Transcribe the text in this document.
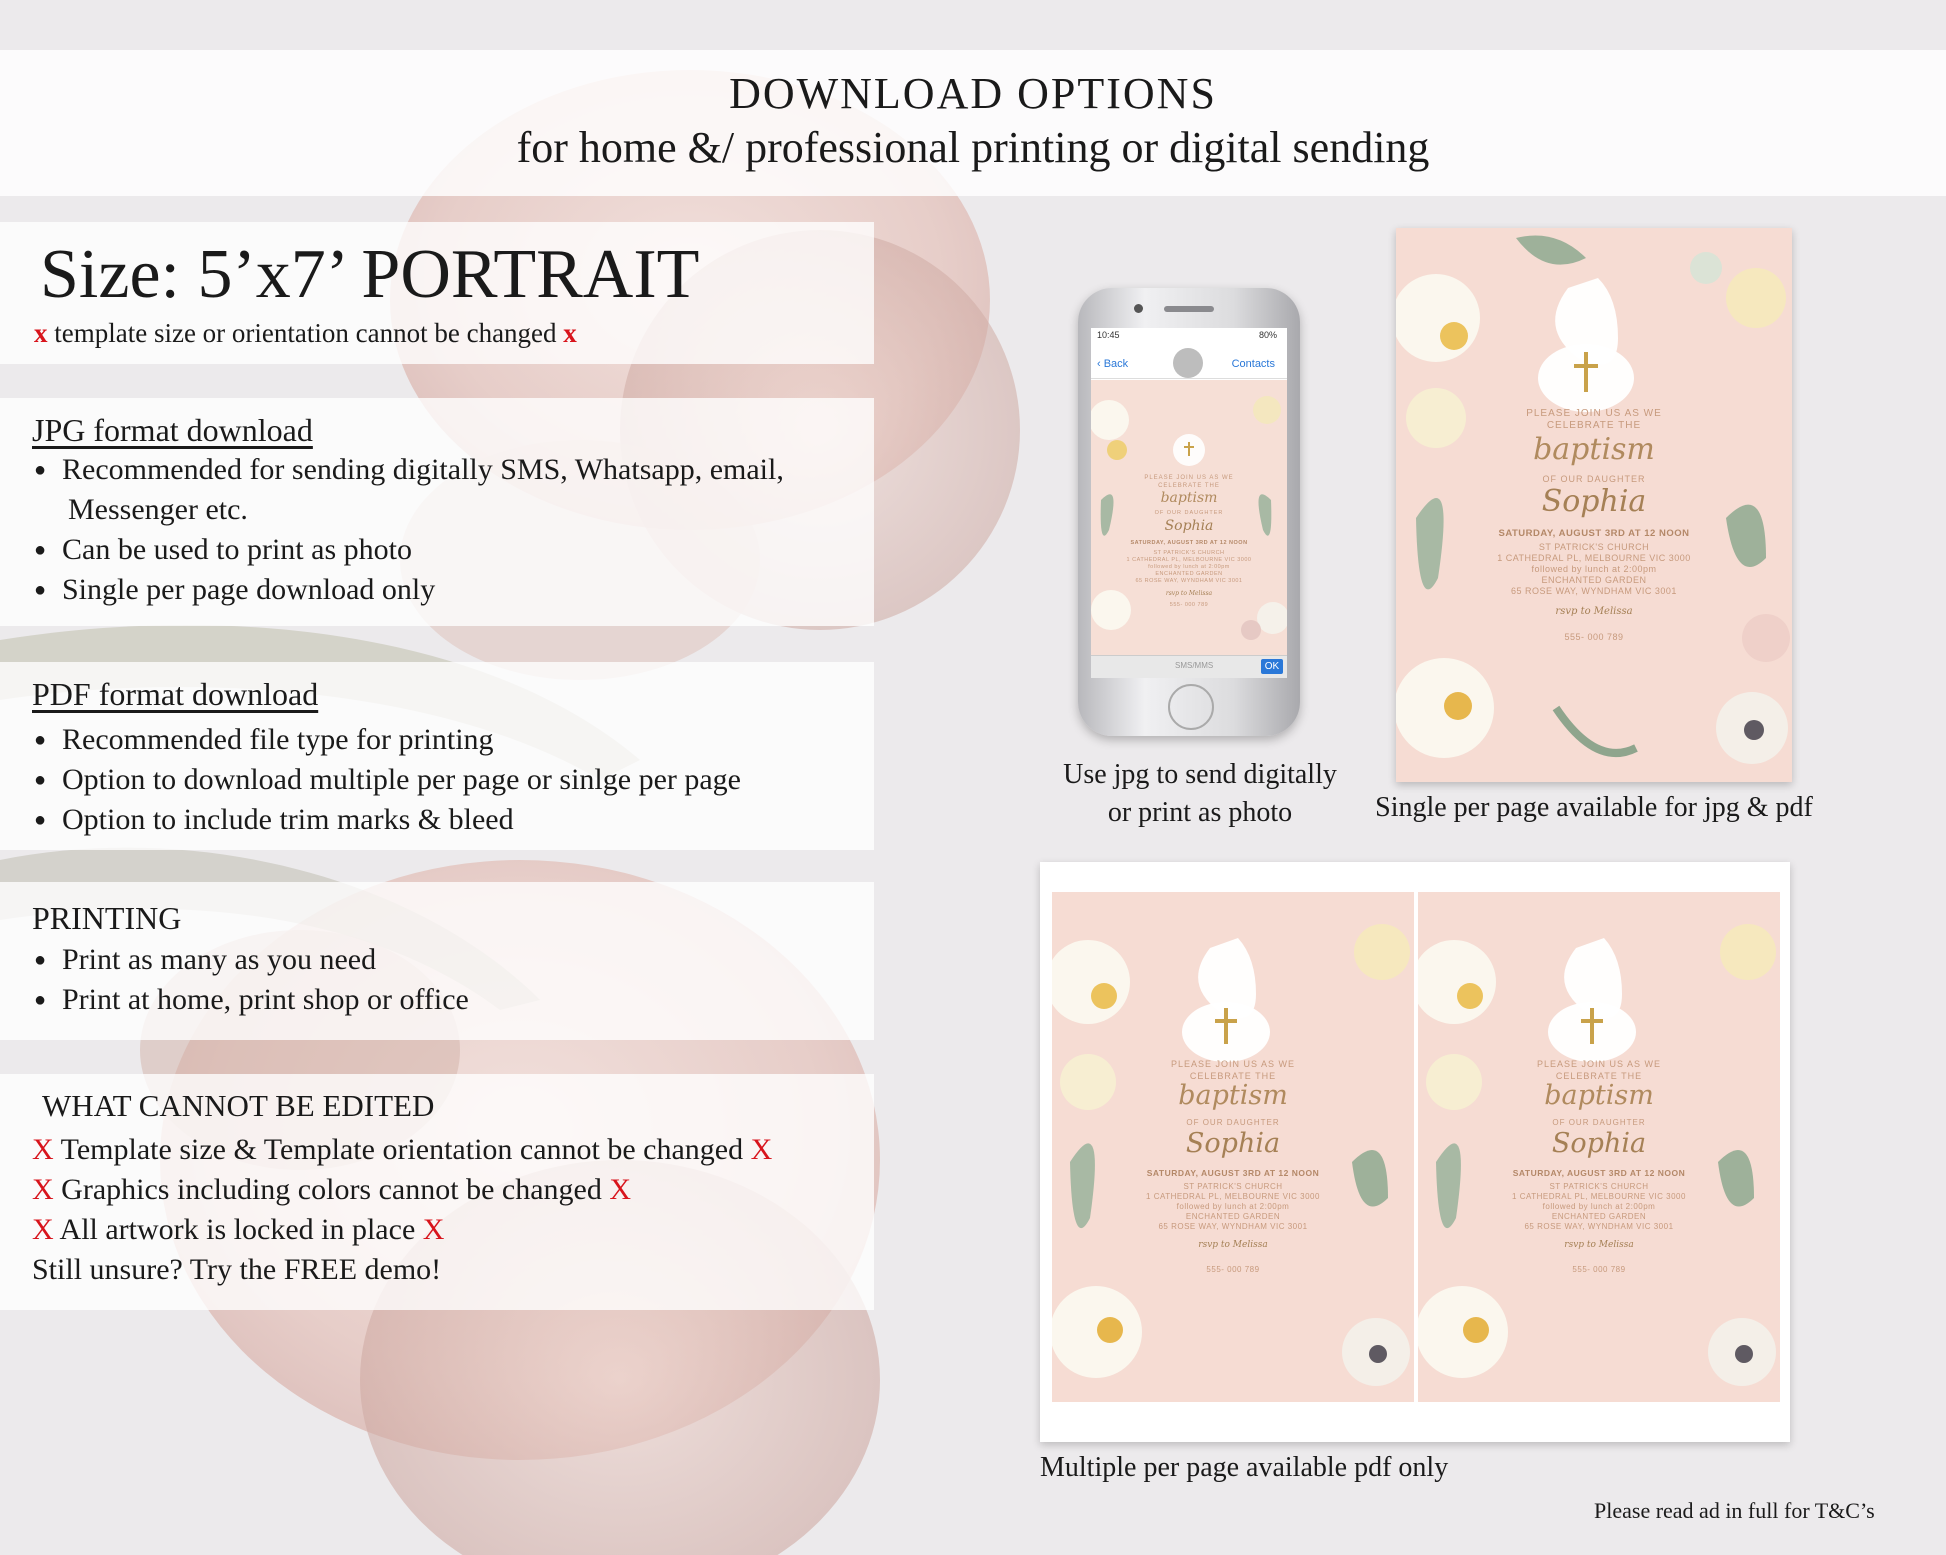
DOWNLOAD OPTIONS
for home &/ professional printing or digital sending
Size: 5’x7’ PORTRAIT
x template size or orientation cannot be changed x
JPG format download
● Recommended for sending digitally SMS, Whatsapp, email,
Messenger etc.
● Can be used to print as photo
● Single per page download only
PDF format download
● Recommended file type for printing
● Option to download multiple per page or sinlge per page
● Option to include trim marks & bleed
PRINTING
● Print as many as you need
● Print at home, print shop or office
WHAT CANNOT BE EDITED
X Template size & Template orientation cannot be changed X
X Graphics including colors cannot be changed X
X All artwork is locked in place X
Still unsure? Try the FREE demo!
10:45	80%
‹ Back	Contacts
PLEASE JOIN US AS WE
CELEBRATE THE
baptism
OF OUR DAUGHTER
Sophia
SATURDAY, AUGUST 3RD AT 12 NOON
ST PATRICK'S CHURCH
1 CATHEDRAL PL, MELBOURNE VIC 3000
followed by lunch at 2:00pm
ENCHANTED GARDEN
65 ROSE WAY, WYNDHAM VIC 3001
rsvp to Melissa
555- 000 789
SMS/MMS	OK
PLEASE JOIN US AS WE
CELEBRATE THE
baptism
OF OUR DAUGHTER
Sophia
SATURDAY, AUGUST 3RD AT 12 NOON
ST PATRICK'S CHURCH
1 CATHEDRAL PL, MELBOURNE VIC 3000
followed by lunch at 2:00pm
ENCHANTED GARDEN
65 ROSE WAY, WYNDHAM VIC 3001
rsvp to Melissa
555- 000 789
PLEASE JOIN US AS WE
CELEBRATE THE
baptism
OF OUR DAUGHTER
Sophia
SATURDAY, AUGUST 3RD AT 12 NOON
ST PATRICK'S CHURCH
1 CATHEDRAL PL, MELBOURNE VIC 3000
followed by lunch at 2:00pm
ENCHANTED GARDEN
65 ROSE WAY, WYNDHAM VIC 3001
rsvp to Melissa
555- 000 789
PLEASE JOIN US AS WE
CELEBRATE THE
baptism
OF OUR DAUGHTER
Sophia
SATURDAY, AUGUST 3RD AT 12 NOON
ST PATRICK'S CHURCH
1 CATHEDRAL PL, MELBOURNE VIC 3000
followed by lunch at 2:00pm
ENCHANTED GARDEN
65 ROSE WAY, WYNDHAM VIC 3001
rsvp to Melissa
555- 000 789
Use jpg to send digitally
or print as photo	Single per page available for jpg & pdf
Multiple per page available pdf only
Please read ad in full for T&C’s
